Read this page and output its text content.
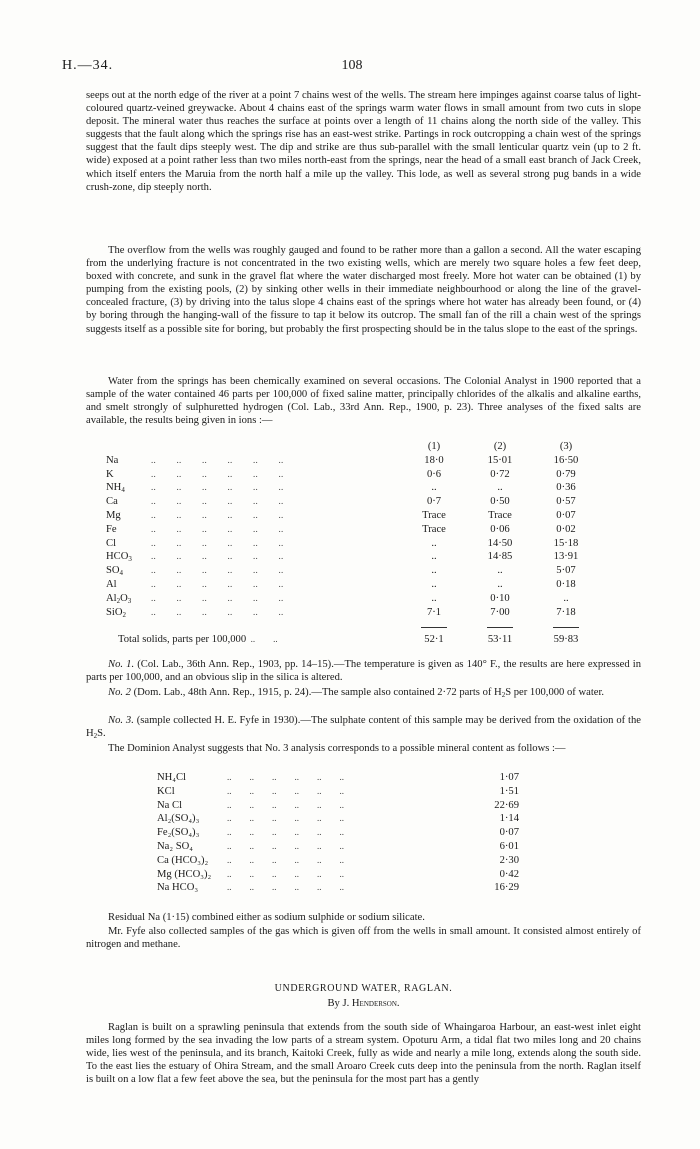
H.—34.	108

seeps out at the north edge of the river at a point 7 chains west of the wells. The stream here impinges against coarse talus of light-coloured quartz-veined greywacke. About 4 chains east of the springs warm water flows in small amount from two cuts in slope deposit. The mineral water thus reaches the surface at points over a length of 11 chains along the north side of the valley. This suggests that the fault along which the springs rise has an east-west strike. Partings in rock outcropping a chain west of the springs suggest that the fault dips steeply west. The dip and strike are thus sub-parallel with the small lenticular quartz vein (up to 2 ft. wide) exposed at a point rather less than two miles north-east from the springs, near the head of a small east branch of Jack Creek, which itself enters the Maruia from the north half a mile up the valley. This lode, as well as several strong pug bands in a wide crush-zone, dip steeply north.

The overflow from the wells was roughly gauged and found to be rather more than a gallon a second. All the water escaping from the underlying fracture is not concentrated in the two existing wells, which are merely two square holes a few feet deep, boxed with concrete, and sunk in the gravel flat where the water discharged most freely. More hot water can be obtained (1) by pumping from the existing pools, (2) by sinking other wells in their immediate neighbourhood or along the line of the gravel-concealed fracture, (3) by driving into the talus slope 4 chains east of the springs where hot water has already been found, or (4) by boring through the hanging-wall of the fissure to tap it below its outcrop. The small fan of the rill a chain west of the springs suggests itself as a possible site for boring, but probably the first prospecting should be in the talus slope to the east of the springs.

Water from the springs has been chemically examined on several occasions. The Colonial Analyst in 1900 reported that a sample of the water contained 46 parts per 100,000 of fixed saline matter, principally chlorides of the alkalis and alkaline earths, and smelt strongly of sulphuretted hydrogen (Col. Lab., 33rd Ann. Rep., 1900, p. 23). Three analyses of the fixed salts are available, the results being given in ions :—

		(1)	(2)	(3)
Na	..        ..        ..        ..        ..        ..	18·0	15·01	16·50
K	..        ..        ..        ..        ..        ..	0·6	0·72	0·79
$NH_4$	..        ..        ..        ..        ..        ..	..	..	0·36
Ca	..        ..        ..        ..        ..        ..	0·7	0·50	0·57
Mg	..        ..        ..        ..        ..        ..	Trace	Trace	0·07
Fe	..        ..        ..        ..        ..        ..	Trace	0·06	0·02
Cl	..        ..        ..        ..        ..        ..	..	14·50	15·18
$HCO_3$	..        ..        ..        ..        ..        ..	..	14·85	13·91
$SO_4$	..        ..        ..        ..        ..        ..	..	..	5·07
Al	..        ..        ..        ..        ..        ..	..	..	0·18
$Al_2O_3$	..        ..        ..        ..        ..        ..	..	0·10	..
SiO$_2$	..        ..        ..        ..        ..        ..	7·1	7·00	7·18

Total solids, parts per 100,000  ..        ..		52·1	53·11	59·83

No. 1. (Col. Lab., 36th Ann. Rep., 1903, pp. 14–15).—The temperature is given as 140° F., the results are here expressed in parts per 100,000, and an obvious slip in the silica is altered.

No. 2 (Dom. Lab., 48th Ann. Rep., 1915, p. 24).—The sample also contained 2·72 parts of $H_2S$ per 100,000 of water.

No. 3. (sample collected H. E. Fyfe in 1930).—The sulphate content of this sample may be derived from the oxidation of the $H_2S$.

The Dominion Analyst suggests that No. 3 analysis corresponds to a possible mineral content as follows :—

NH₄Cl	..        ..        ..        ..        ..        ..	1·07
KCl	..        ..        ..        ..        ..        ..	1·51
Na Cl	..        ..        ..        ..        ..        ..	22·69
Al₂(SO₄)₃	..        ..        ..        ..        ..        ..	1·14
Fe₂(SO₄)₃	..        ..        ..        ..        ..        ..	0·07
Na₂ SO₄	..        ..        ..        ..        ..        ..	6·01
Ca (HCO₃)₂	..        ..        ..        ..        ..        ..	2·30
Mg (HCO₃)₂	..        ..        ..        ..        ..        ..	0·42
Na HCO₃	..        ..        ..        ..        ..        ..	16·29

Residual Na (1·15) combined either as sodium sulphide or sodium silicate.

Mr. Fyfe also collected samples of the gas which is given off from the wells in small amount. It consisted almost entirely of nitrogen and methane.

UNDERGROUND WATER, RAGLAN.

By J. Henderson.

Raglan is built on a sprawling peninsula that extends from the south side of Whaingaroa Harbour, an east-west inlet eight miles long formed by the sea invading the low parts of a stream system. Opoturu Arm, a tidal flat two miles long and 20 chains wide, lies west of the peninsula, and its branch, Kaitoki Creek, fully as wide and nearly a mile long, extends along the south side. To the east lies the estuary of Ohira Stream, and the small Aroaro Creek cuts deep into the peninsula from the north. Raglan itself is built on a low flat a few feet above the sea, but the peninsula for the most part has a gently
